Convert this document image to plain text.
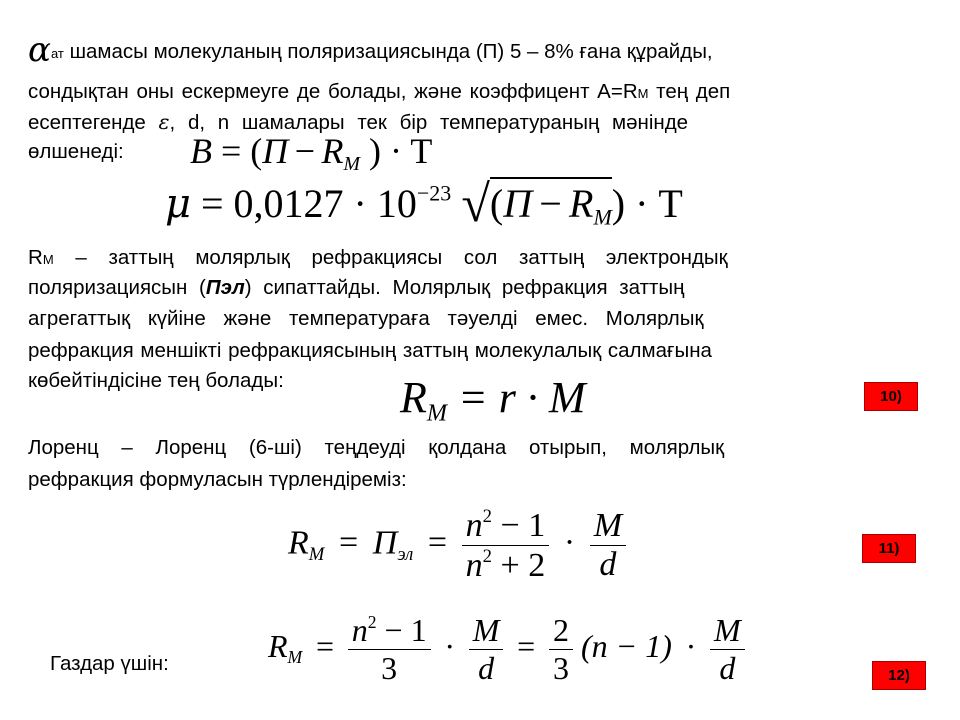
αат шамасы молекуланың поляризациясында (П) 5 – 8% ғана құрайды,
сондықтан оны ескермеуге де болады, және коэффицент A=RM тең деп
есептегенде ε, d, n шамалары тек бір температураның мәнінде
өлшенеді: B = (П − RM ) · T
$\mu = 0,0127 \cdot 10^{-23}$ √(П − RM) · T
RM – заттың молярлық рефракциясы сол заттың электрондық
поляризациясын (Пэл) сипаттайды. Молярлық рефракция заттың
агрегаттық күйіне және температураға тәуелді емес. Молярлық
рефракция меншікті рефракциясының заттың молекулалық салмағына
көбейтіндісіне тең болады:	RM = r · M	10)
Лоренц – Лоренц (6-ші) теңдеуді қолдана отырып, молярлық
рефракция формуласын түрлендіреміз:
RM = Пэл = $\frac{n^2 - 1}{n^2 + 2} \cdot \frac{M}{d}$	11)
Газдар үшін:	RM = $\frac{n^2 - 1}{3} \cdot \frac{M}{d} = \frac{2}{3} (n - 1) \cdot \frac{M}{d}$	12)
